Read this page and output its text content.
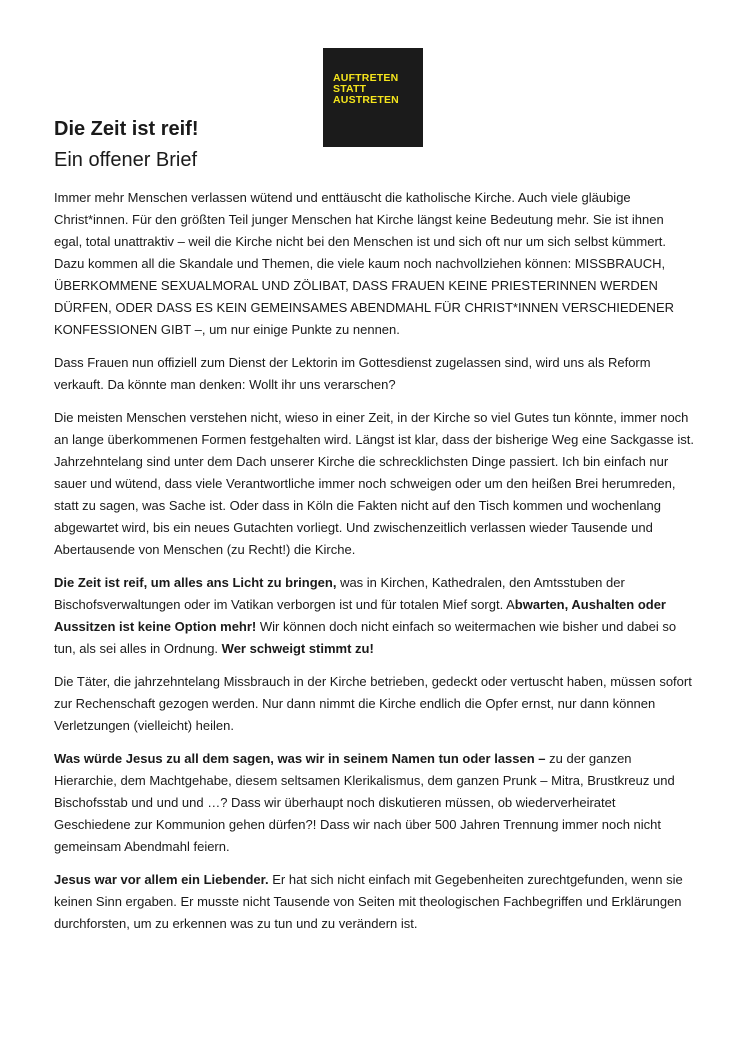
AUFTRETEN
STATT
AUSTRETEN
Die Zeit ist reif!
Ein offener Brief

Immer mehr Menschen verlassen wütend und enttäuscht die katholische Kirche. Auch viele gläubige Christ*innen. Für den größten Teil junger Menschen hat Kirche längst keine Bedeutung mehr. Sie ist ihnen egal, total unattraktiv – weil die Kirche nicht bei den Menschen ist und sich oft nur um sich selbst kümmert. Dazu kommen all die Skandale und Themen, die viele kaum noch nachvollziehen können: MISSBRAUCH, ÜBERKOMMENE SEXUALMORAL UND ZÖLIBAT, DASS FRAUEN KEINE PRIESTERINNEN WERDEN DÜRFEN, ODER DASS ES KEIN GEMEINSAMES ABENDMAHL FÜR CHRIST*INNEN VERSCHIEDENER KONFESSIONEN GIBT –, um nur einige Punkte zu nennen.

Dass Frauen nun offiziell zum Dienst der Lektorin im Gottesdienst zugelassen sind, wird uns als Reform verkauft. Da könnte man denken: Wollt ihr uns verarschen?

Die meisten Menschen verstehen nicht, wieso in einer Zeit, in der Kirche so viel Gutes tun könnte, immer noch an lange überkommenen Formen festgehalten wird. Längst ist klar, dass der bisherige Weg eine Sackgasse ist. Jahrzehntelang sind unter dem Dach unserer Kirche die schrecklichsten Dinge passiert. Ich bin einfach nur sauer und wütend, dass viele Verantwortliche immer noch schweigen oder um den heißen Brei herumreden, statt zu sagen, was Sache ist. Oder dass in Köln die Fakten nicht auf den Tisch kommen und wochenlang abgewartet wird, bis ein neues Gutachten vorliegt. Und zwischenzeitlich verlassen wieder Tausende und Abertausende von Menschen (zu Recht!) die Kirche.

Die Zeit ist reif, um alles ans Licht zu bringen, was in Kirchen, Kathedralen, den Amtsstuben der Bischofsverwaltungen oder im Vatikan verborgen ist und für totalen Mief sorgt. Abwarten, Aushalten oder Aussitzen ist keine Option mehr! Wir können doch nicht einfach so weitermachen wie bisher und dabei so tun, als sei alles in Ordnung. Wer schweigt stimmt zu!

Die Täter, die jahrzehntelang Missbrauch in der Kirche betrieben, gedeckt oder vertuscht haben, müssen sofort zur Rechenschaft gezogen werden. Nur dann nimmt die Kirche endlich die Opfer ernst, nur dann können Verletzungen (vielleicht) heilen.

Was würde Jesus zu all dem sagen, was wir in seinem Namen tun oder lassen – zu der ganzen Hierarchie, dem Machtgehabe, diesem seltsamen Klerikalismus, dem ganzen Prunk – Mitra, Brustkreuz und Bischofsstab und und und …? Dass wir überhaupt noch diskutieren müssen, ob wiederverheiratet Geschiedene zur Kommunion gehen dürfen?! Dass wir nach über 500 Jahren Trennung immer noch nicht gemeinsam Abendmahl feiern.

Jesus war vor allem ein Liebender. Er hat sich nicht einfach mit Gegebenheiten zurechtgefunden, wenn sie keinen Sinn ergaben. Er musste nicht Tausende von Seiten mit theologischen Fachbegriffen und Erklärungen durchforsten, um zu erkennen was zu tun und zu verändern ist.
